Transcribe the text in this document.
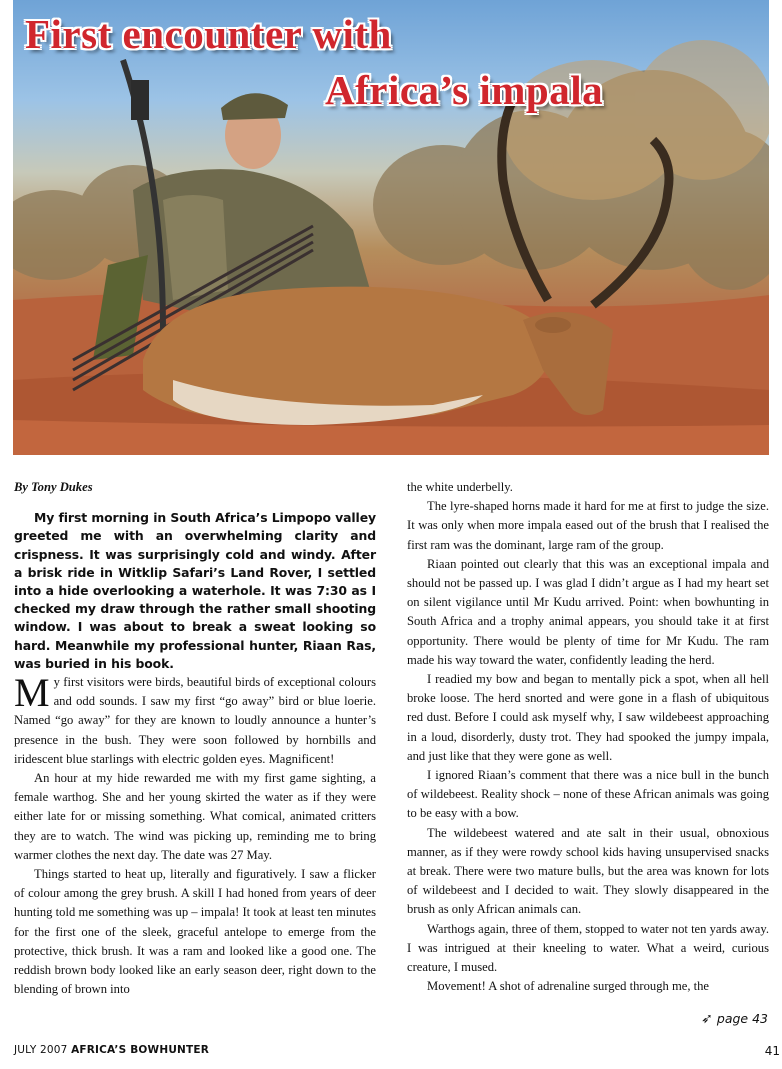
First encounter with
Africa’s impala
By Tony Dukes

My first morning in South Africa’s Limpopo valley greeted me with an overwhelming clarity and crispness. It was surprisingly cold and windy. After a brisk ride in Witklip Safari’s Land Rover, I settled into a hide overlooking a waterhole. It was 7:30 as I checked my draw through the rather small shooting window. I was about to break a sweat looking so hard. Meanwhile my professional hunter, Riaan Ras, was buried in his book.

My first visitors were birds, beautiful birds of exceptional colours and odd sounds. I saw my first “go away” bird or blue loerie. Named “go away” for they are known to loudly announce a hunter’s presence in the bush. They were soon followed by hornbills and iridescent blue starlings with electric golden eyes. Magnificent!

An hour at my hide rewarded me with my first game sighting, a female warthog. She and her young skirted the water as if they were either late for or missing something. What comical, animated critters they are to watch. The wind was picking up, reminding me to bring warmer clothes the next day. The date was 27 May.

Things started to heat up, literally and figuratively. I saw a flicker of colour among the grey brush. A skill I had honed from years of deer hunting told me something was up – impala! It took at least ten minutes for the first one of the sleek, graceful antelope to emerge from the protective, thick brush. It was a ram and looked like a good one. The reddish brown body looked like an early season deer, right down to the blending of brown into

the white underbelly.

The lyre-shaped horns made it hard for me at first to judge the size. It was only when more impala eased out of the brush that I realised the first ram was the dominant, large ram of the group.

Riaan pointed out clearly that this was an exceptional impala and should not be passed up. I was glad I didn’t argue as I had my heart set on silent vigilance until Mr Kudu arrived. Point: when bowhunting in South Africa and a trophy animal appears, you should take it at first opportunity. There would be plenty of time for Mr Kudu. The ram made his way toward the water, confidently leading the herd.

I readied my bow and began to mentally pick a spot, when all hell broke loose. The herd snorted and were gone in a flash of ubiquitous red dust. Before I could ask myself why, I saw wildebeest approaching in a loud, disorderly, dusty trot. They had spooked the jumpy impala, and just like that they were gone as well.

I ignored Riaan’s comment that there was a nice bull in the bunch of wildebeest. Reality shock – none of these African animals was going to be easy with a bow.

The wildebeest watered and ate salt in their usual, obnoxious manner, as if they were rowdy school kids having unsupervised snacks at break. There were two mature bulls, but the area was known for lots of wildebeest and I decided to wait. They slowly disappeared in the brush as only African animals can.

Warthogs again, three of them, stopped to water not ten yards away. I was intrigued at their kneeling to water. What a weird, curious creature, I mused.

Movement! A shot of adrenaline surged through me, the

➶ page 43
JULY 2007 AFRICA’S BOWHUNTER	41
